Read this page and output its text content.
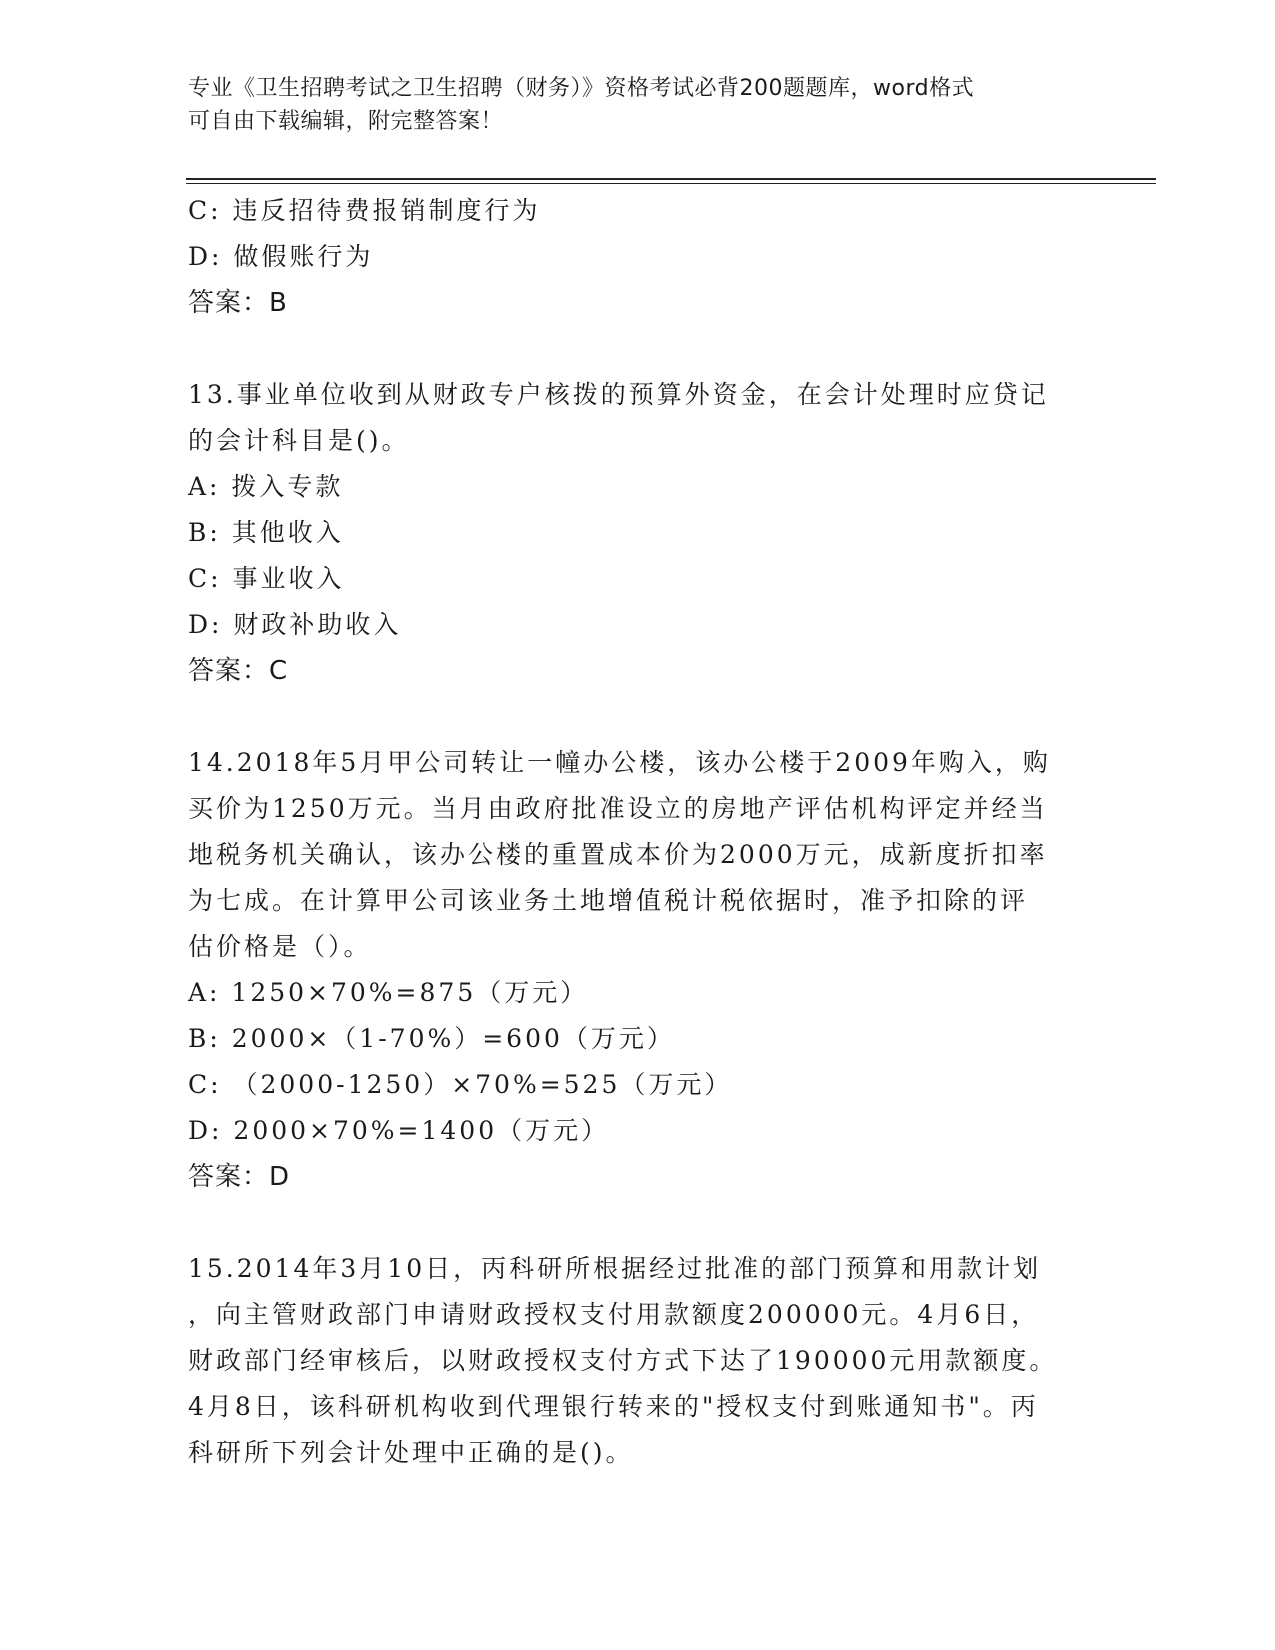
专业《卫生招聘考试之卫生招聘（财务）》资格考试必背200题题库，word格式
可自由下载编辑，附完整答案！
C: 违反招待费报销制度行为
D: 做假账行为
答案：B
13.事业单位收到从财政专户核拨的预算外资金，在会计处理时应贷记
的会计科目是()。
A: 拨入专款
B: 其他收入
C: 事业收入
D: 财政补助收入
答案：C
14.2018年5月甲公司转让一幢办公楼，该办公楼于2009年购入，购
买价为1250万元。当月由政府批准设立的房地产评估机构评定并经当
地税务机关确认，该办公楼的重置成本价为2000万元，成新度折扣率
为七成。在计算甲公司该业务土地增值税计税依据时，准予扣除的评
估价格是（）。
A: 1250×70%=875（万元）
B: 2000×（1-70%）=600（万元）
C: （2000-1250）×70%=525（万元）
D: 2000×70%=1400（万元）
答案：D
15.2014年3月10日，丙科研所根据经过批准的部门预算和用款计划
，向主管财政部门申请财政授权支付用款额度200000元。4月6日，
财政部门经审核后，以财政授权支付方式下达了190000元用款额度。
4月8日，该科研机构收到代理银行转来的"授权支付到账通知书"。丙
科研所下列会计处理中正确的是()。
